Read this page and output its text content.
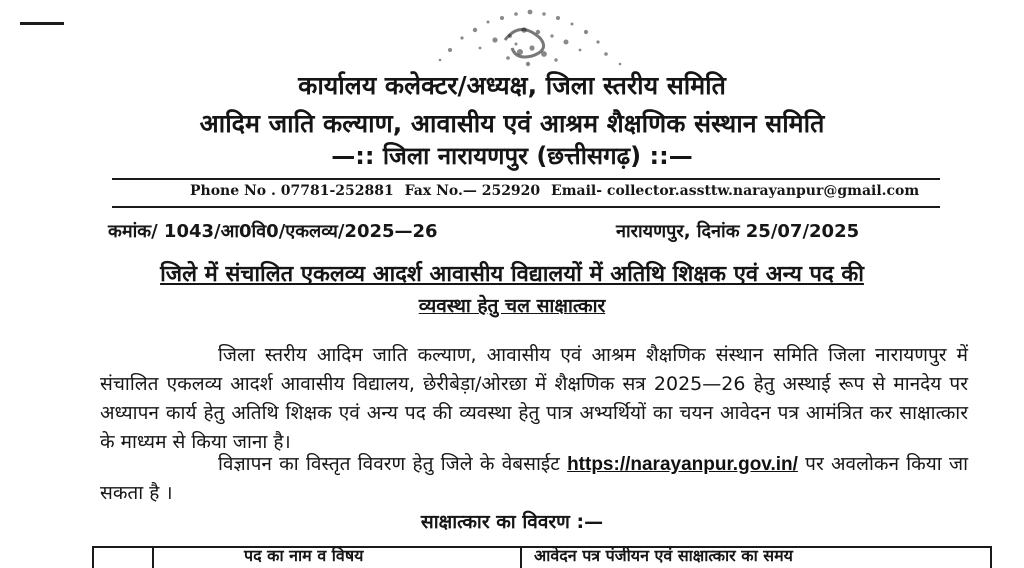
कार्यालय कलेक्टर/अध्यक्ष, जिला स्तरीय समिति
आदिम जाति कल्याण, आवासीय एवं आश्रम शैक्षणिक संस्थान समिति
—:: जिला नारायणपुर (छत्तीसगढ़) ::—
Phone No . 07781-252881 Fax No.— 252920 Email- collector.assttw.narayanpur@gmail.com
कमांक/ 1043/आ0वि0/एकलव्य/2025—26	नारायणपुर, दिनांक 25/07/2025
जिले में संचालित एकलव्य आदर्श आवासीय विद्यालयों में अतिथि शिक्षक एवं अन्य पद की
व्यवस्था हेतु चल साक्षात्कार

जिला स्तरीय आदिम जाति कल्याण, आवासीय एवं आश्रम शैक्षणिक संस्थान समिति जिला नारायणपुर में संचालित एकलव्य आदर्श आवासीय विद्यालय, छेरीबेड़ा/ओरछा में शैक्षणिक सत्र 2025—26 हेतु अस्थाई रूप से मानदेय पर अध्यापन कार्य हेतु अतिथि शिक्षक एवं अन्य पद की व्यवस्था हेतु पात्र अभ्यर्थियों का चयन आवेदन पत्र आमंत्रित कर साक्षात्कार के माध्यम से किया जाना है।

विज्ञापन का विस्तृत विवरण हेतु जिले के वेबसाईट https://narayanpur.gov.in/ पर अवलोकन किया जा सकता है ।

साक्षात्कार का विवरण :—
पद का नाम व विषय	आवेदन पत्र पंजीयन एवं साक्षात्कार का समय
